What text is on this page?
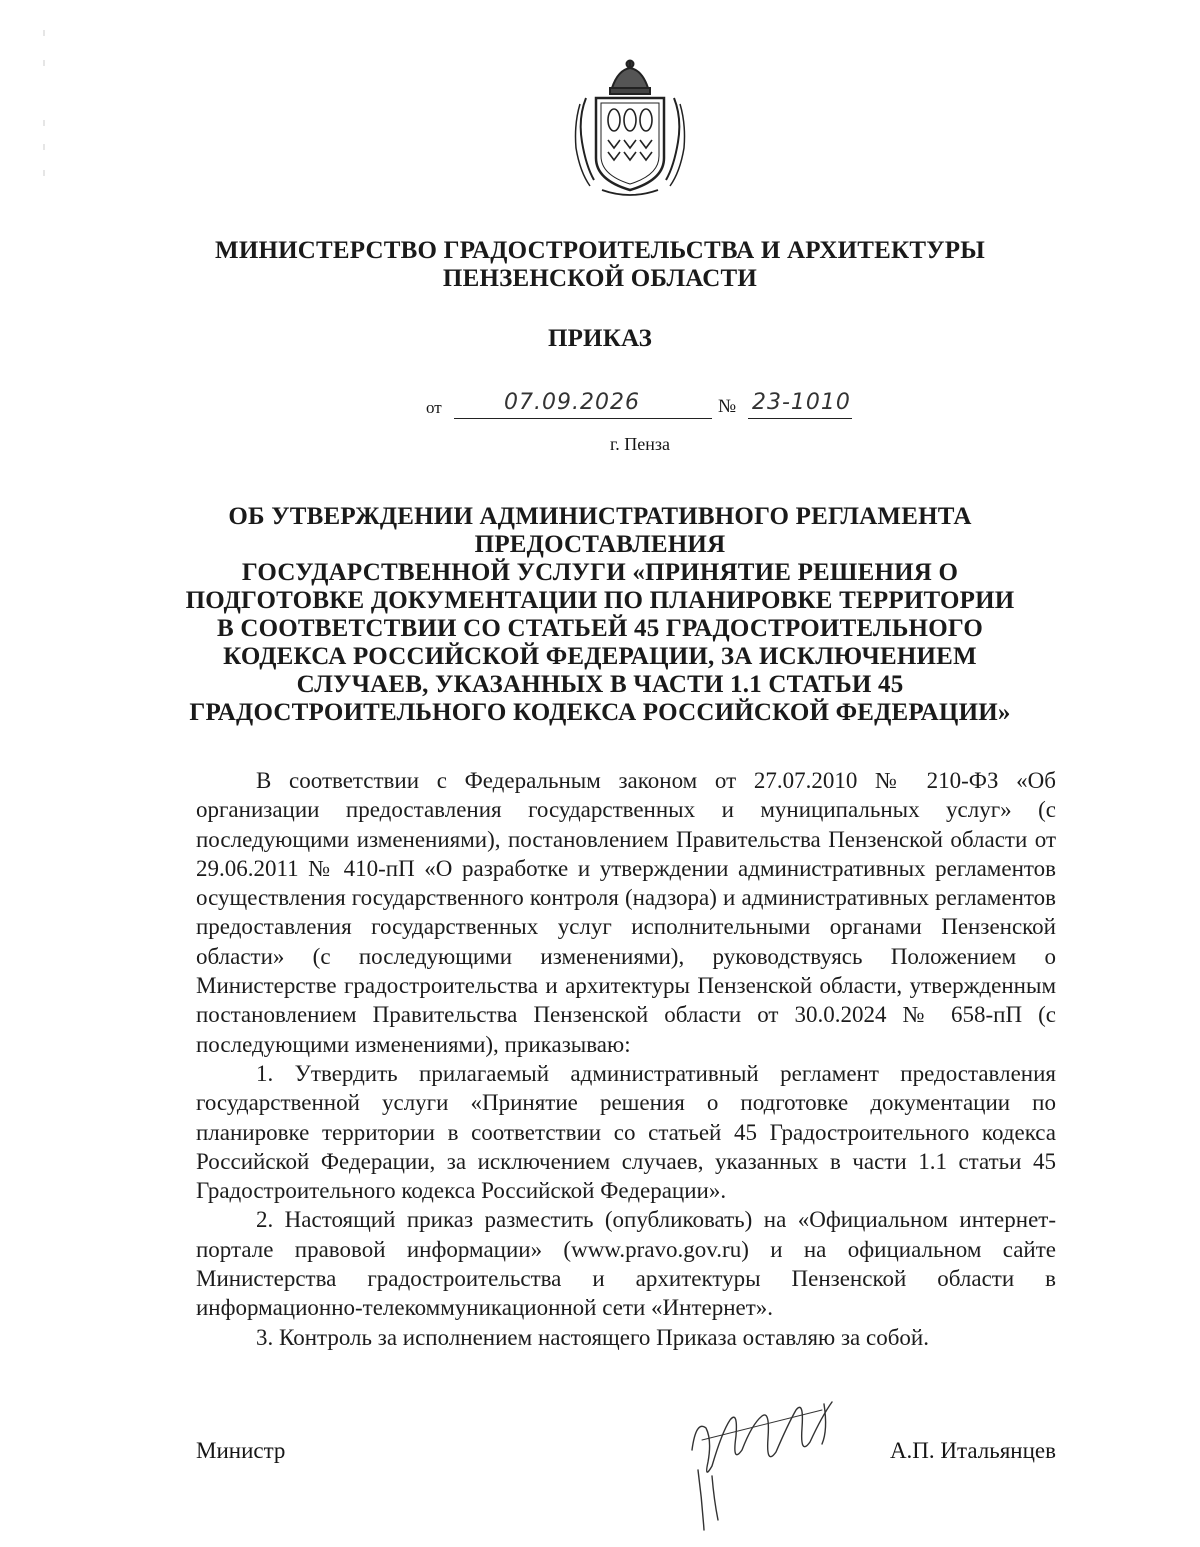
МИНИСТЕРСТВО ГРАДОСТРОИТЕЛЬСТВА И АРХИТЕКТУРЫ
ПЕНЗЕНСКОЙ ОБЛАСТИ
ПРИКАЗ
от	07.09.2026	№ 23-1010
г. Пенза
ОБ УТВЕРЖДЕНИИ АДМИНИСТРАТИВНОГО РЕГЛАМЕНТА
ПРЕДОСТАВЛЕНИЯ
ГОСУДАРСТВЕННОЙ УСЛУГИ «ПРИНЯТИЕ РЕШЕНИЯ О
ПОДГОТОВКЕ ДОКУМЕНТАЦИИ ПО ПЛАНИРОВКЕ ТЕРРИТОРИИ
В СООТВЕТСТВИИ СО СТАТЬЕЙ 45 ГРАДОСТРОИТЕЛЬНОГО
КОДЕКСА РОССИЙСКОЙ ФЕДЕРАЦИИ, ЗА ИСКЛЮЧЕНИЕМ
СЛУЧАЕВ, УКАЗАННЫХ В ЧАСТИ 1.1 СТАТЬИ 45
ГРАДОСТРОИТЕЛЬНОГО КОДЕКСА РОССИЙСКОЙ ФЕДЕРАЦИИ»

В соответствии с Федеральным законом от 27.07.2010 № 210-ФЗ «Об организации предоставления государственных и муниципальных услуг» (с последующими изменениями), постановлением Правительства Пензенской области от 29.06.2011 № 410-пП «О разработке и утверждении административных регламентов осуществления государственного контроля (надзора) и административных регламентов предоставления государственных услуг исполнительными органами Пензенской области» (с последующими изменениями), руководствуясь Положением о Министерстве градостроительства и архитектуры Пензенской области, утвержденным постановлением Правительства Пензенской области от 30.0.2024 № 658-пП (с последующими изменениями), приказываю:

1. Утвердить прилагаемый административный регламент предоставления государственной услуги «Принятие решения о подготовке документации по планировке территории в соответствии со статьей 45 Градостроительного кодекса Российской Федерации, за исключением случаев, указанных в части 1.1 статьи 45 Градостроительного кодекса Российской Федерации».

2. Настоящий приказ разместить (опубликовать) на «Официальном интернет-портале правовой информации» (www.pravo.gov.ru) и на официальном сайте Министерства градостроительства и архитектуры Пензенской области в информационно-телекоммуникационной сети «Интернет».

3. Контроль за исполнением настоящего Приказа оставляю за собой.

Министр	А.П. Итальянцев
